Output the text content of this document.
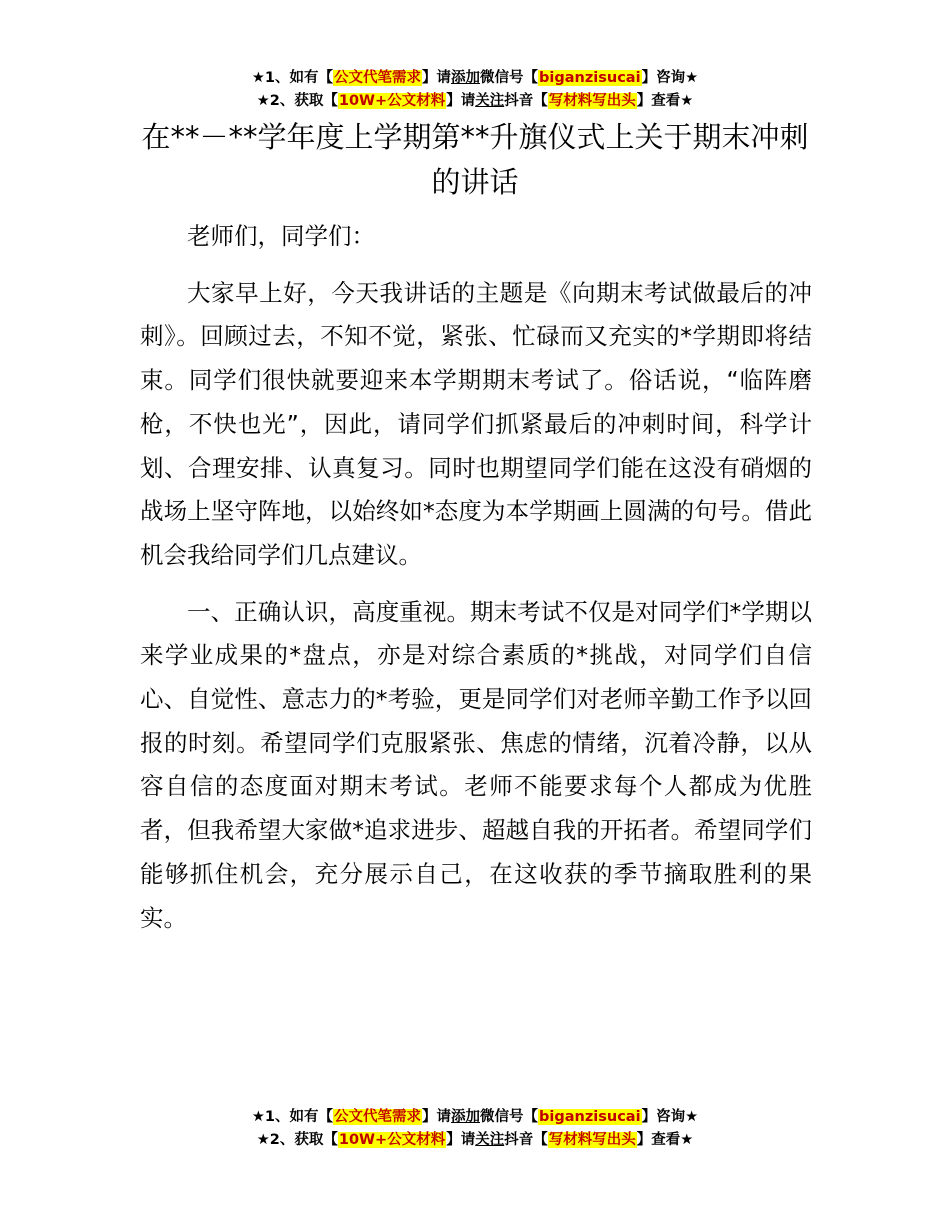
★1、如有【公文代笔需求】请添加微信号【biganzisucai】咨询★
★2、获取【10W+公文材料】请关注抖音【写材料写出头】查看★
在**－**学年度上学期第**升旗仪式上关于期末冲刺的讲话

老师们，同学们：

大家早上好，今天我讲话的主题是《向期末考试做最后的冲刺》。回顾过去，不知不觉，紧张、忙碌而又充实的*学期即将结束。同学们很快就要迎来本学期期末考试了。俗话说，“临阵磨枪，不快也光”，因此，请同学们抓紧最后的冲刺时间，科学计划、合理安排、认真复习。同时也期望同学们能在这没有硝烟的战场上坚守阵地，以始终如*态度为本学期画上圆满的句号。借此机会我给同学们几点建议。

一、正确认识，高度重视。期末考试不仅是对同学们*学期以来学业成果的*盘点，亦是对综合素质的*挑战，对同学们自信心、自觉性、意志力的*考验，更是同学们对老师辛勤工作予以回报的时刻。希望同学们克服紧张、焦虑的情绪，沉着冷静，以从容自信的态度面对期末考试。老师不能要求每个人都成为优胜者，但我希望大家做*追求进步、超越自我的开拓者。希望同学们能够抓住机会，充分展示自己，在这收获的季节摘取胜利的果实。

★1、如有【公文代笔需求】请添加微信号【biganzisucai】咨询★
★2、获取【10W+公文材料】请关注抖音【写材料写出头】查看★
